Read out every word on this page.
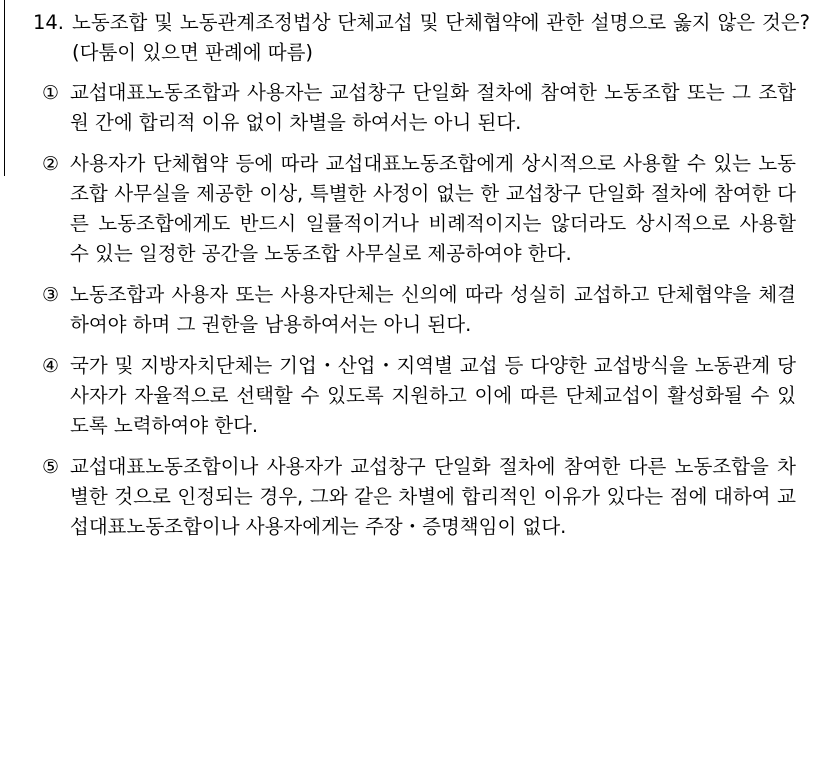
14. 노동조합 및 노동관계조정법상 단체교섭 및 단체협약에 관한 설명으로 옳지 않은 것은? (다툼이 있으면 판례에 따름)
① 교섭대표노동조합과 사용자는 교섭창구 단일화 절차에 참여한 노동조합 또는 그 조합원 간에 합리적 이유 없이 차별을 하여서는 아니 된다.
② 사용자가 단체협약 등에 따라 교섭대표노동조합에게 상시적으로 사용할 수 있는 노동조합 사무실을 제공한 이상, 특별한 사정이 없는 한 교섭창구 단일화 절차에 참여한 다른 노동조합에게도 반드시 일률적이거나 비례적이지는 않더라도 상시적으로 사용할 수 있는 일정한 공간을 노동조합 사무실로 제공하여야 한다.
③ 노동조합과 사용자 또는 사용자단체는 신의에 따라 성실히 교섭하고 단체협약을 체결하여야 하며 그 권한을 남용하여서는 아니 된다.
④ 국가 및 지방자치단체는 기업・산업・지역별 교섭 등 다양한 교섭방식을 노동관계 당사자가 자율적으로 선택할 수 있도록 지원하고 이에 따른 단체교섭이 활성화될 수 있도록 노력하여야 한다.
⑤ 교섭대표노동조합이나 사용자가 교섭창구 단일화 절차에 참여한 다른 노동조합을 차별한 것으로 인정되는 경우, 그와 같은 차별에 합리적인 이유가 있다는 점에 대하여 교섭대표노동조합이나 사용자에게는 주장・증명책임이 없다.
